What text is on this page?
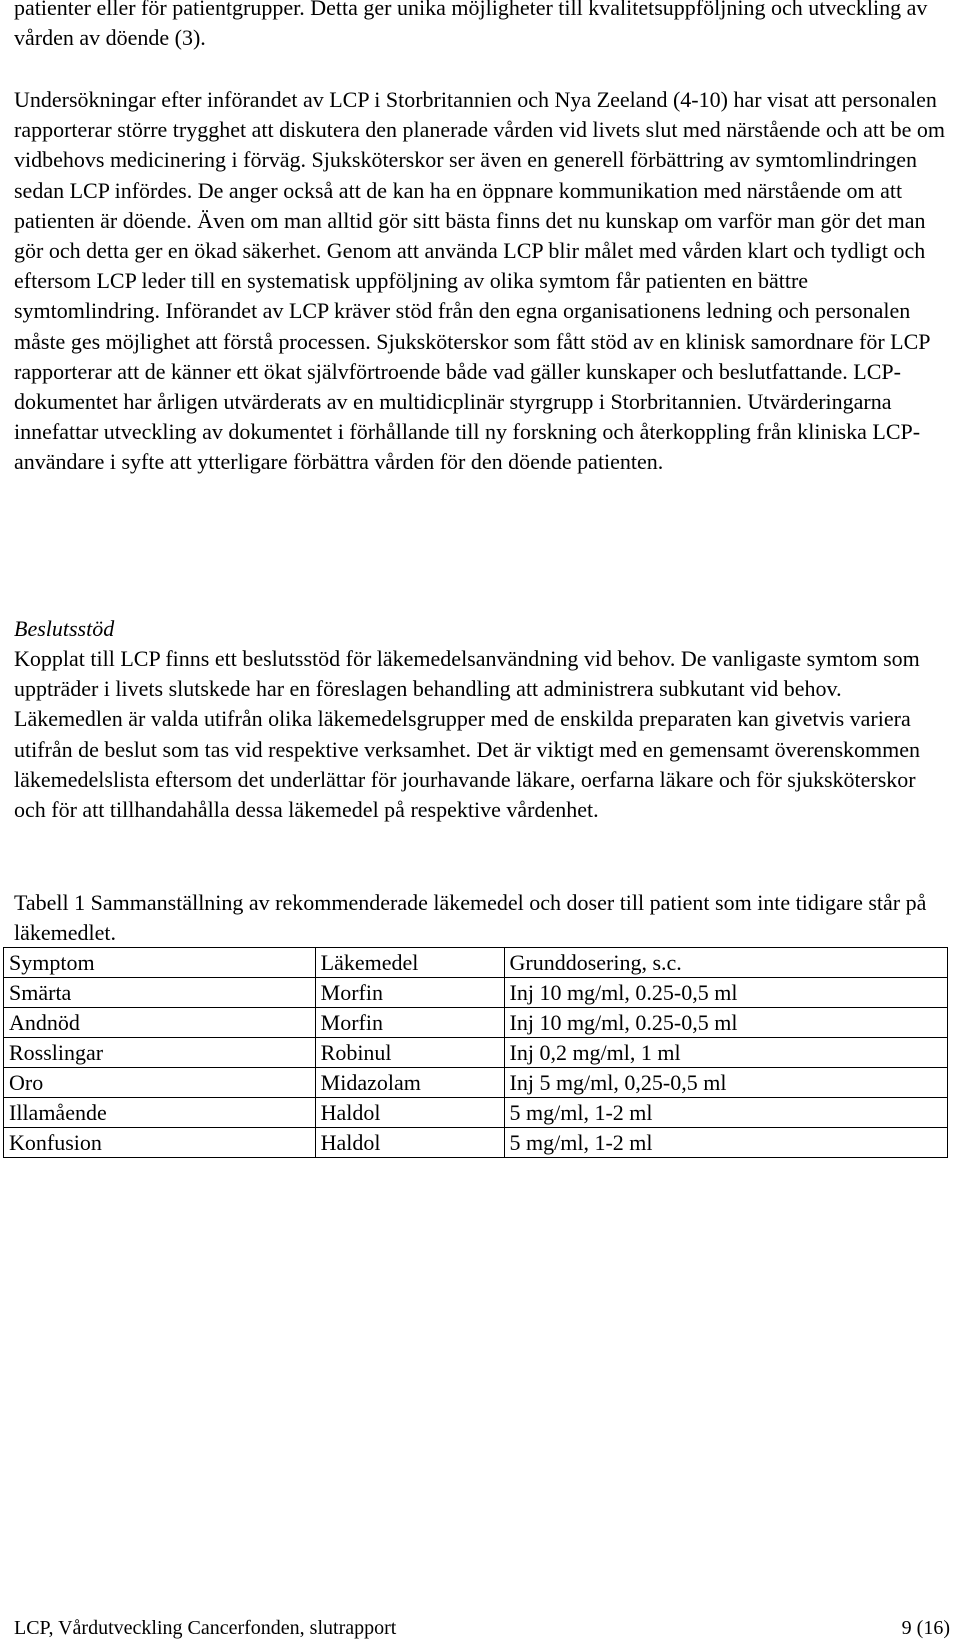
patienter eller för patientgrupper. Detta ger unika möjligheter till kvalitetsuppföljning och utveckling av vården av döende (3).

Undersökningar efter införandet av LCP i Storbritannien och Nya Zeeland (4-10) har visat att personalen rapporterar större trygghet att diskutera den planerade vården vid livets slut med närstående och att be om vidbehovs medicinering i förväg. Sjuksköterskor ser även en generell förbättring av symtomlindringen sedan LCP infördes. De anger också att de kan ha en öppnare kommunikation med närstående om att patienten är döende. Även om man alltid gör sitt bästa finns det nu kunskap om varför man gör det man gör och detta ger en ökad säkerhet. Genom att använda LCP blir målet med vården klart och tydligt och eftersom LCP leder till en systematisk uppföljning av olika symtom får patienten en bättre symtomlindring. Införandet av LCP kräver stöd från den egna organisationens ledning och personalen måste ges möjlighet att förstå processen. Sjuksköterskor som fått stöd av en klinisk samordnare för LCP rapporterar att de känner ett ökat självförtroende både vad gäller kunskaper och beslutfattande. LCP-dokumentet har årligen utvärderats av en multidicplinär styrgrupp i Storbritannien. Utvärderingarna innefattar utveckling av dokumentet i förhållande till ny forskning och återkoppling från kliniska LCP-användare i syfte att ytterligare förbättra vården för den döende patienten.

Beslutsstöd

Kopplat till LCP finns ett beslutsstöd för läkemedelsanvändning vid behov. De vanligaste symtom som uppträder i livets slutskede har en föreslagen behandling att administrera subkutant vid behov. Läkemedlen är valda utifrån olika läkemedelsgrupper med de enskilda preparaten kan givetvis variera utifrån de beslut som tas vid respektive verksamhet. Det är viktigt med en gemensamt överenskommen läkemedelslista eftersom det underlättar för jourhavande läkare, oerfarna läkare och för sjuksköterskor och för att tillhandahålla dessa läkemedel på respektive vårdenhet.

Tabell 1 Sammanställning av rekommenderade läkemedel och doser till patient som inte tidigare står på läkemedlet.
Symptom	Läkemedel	Grunddosering, s.c.
Smärta	Morfin	Inj 10 mg/ml, 0.25-0,5 ml
Andnöd	Morfin	Inj 10 mg/ml, 0.25-0,5 ml
Rosslingar	Robinul	Inj 0,2 mg/ml, 1 ml
Oro	Midazolam	Inj 5 mg/ml, 0,25-0,5 ml
Illamående	Haldol	5 mg/ml, 1-2 ml
Konfusion	Haldol	5 mg/ml, 1-2 ml
LCP, Vårdutveckling Cancerfonden, slutrapport	9 (16)
